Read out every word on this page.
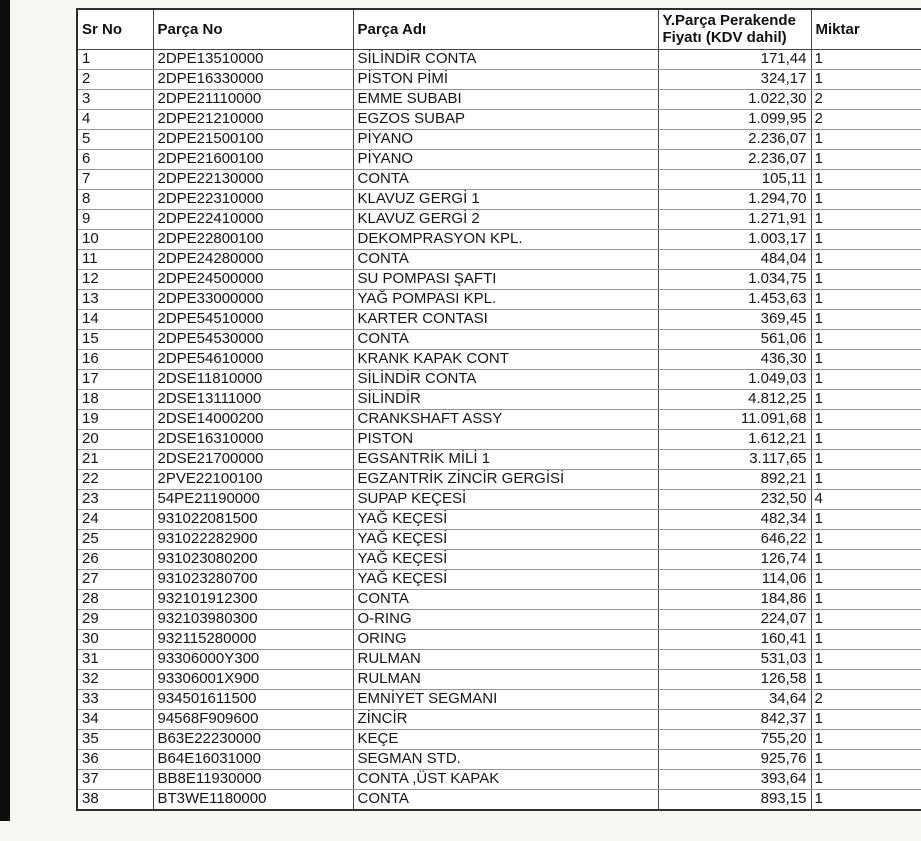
Sr No	Parça No	Parça Adı	Y.Parça Perakende Fiyatı (KDV dahil)	Miktar
1	2DPE13510000	SİLİNDİR CONTA	171,44	1
2	2DPE16330000	PİSTON PİMİ	324,17	1
3	2DPE21110000	EMME SUBABI	1.022,30	2
4	2DPE21210000	EGZOS SUBAP	1.099,95	2
5	2DPE21500100	PİYANO	2.236,07	1
6	2DPE21600100	PİYANO	2.236,07	1
7	2DPE22130000	CONTA	105,11	1
8	2DPE22310000	KLAVUZ GERGİ 1	1.294,70	1
9	2DPE22410000	KLAVUZ GERGİ 2	1.271,91	1
10	2DPE22800100	DEKOMPRASYON KPL.	1.003,17	1
11	2DPE24280000	CONTA	484,04	1
12	2DPE24500000	SU POMPASI ŞAFTI	1.034,75	1
13	2DPE33000000	YAĞ POMPASI KPL.	1.453,63	1
14	2DPE54510000	KARTER CONTASI	369,45	1
15	2DPE54530000	CONTA	561,06	1
16	2DPE54610000	KRANK KAPAK CONT	436,30	1
17	2DSE11810000	SİLİNDİR CONTA	1.049,03	1
18	2DSE13111000	SİLİNDİR	4.812,25	1
19	2DSE14000200	CRANKSHAFT ASSY	11.091,68	1
20	2DSE16310000	PISTON	1.612,21	1
21	2DSE21700000	EGSANTRİK MİLİ 1	3.117,65	1
22	2PVE22100100	EGZANTRİK ZİNCİR GERGİSİ	892,21	1
23	54PE21190000	SUPAP KEÇESİ	232,50	4
24	931022081500	YAĞ KEÇESİ	482,34	1
25	931022282900	YAĞ KEÇESİ	646,22	1
26	931023080200	YAĞ KEÇESİ	126,74	1
27	931023280700	YAĞ KEÇESİ	114,06	1
28	932101912300	CONTA	184,86	1
29	932103980300	O-RING	224,07	1
30	932115280000	ORING	160,41	1
31	93306000Y300	RULMAN	531,03	1
32	93306001X900	RULMAN	126,58	1
33	934501611500	EMNİYET SEGMANI	34,64	2
34	94568F909600	ZİNCİR	842,37	1
35	B63E22230000	KEÇE	755,20	1
36	B64E16031000	SEGMAN STD.	925,76	1
37	BB8E11930000	CONTA ,ÜST KAPAK	393,64	1
38	BT3WE1180000	CONTA	893,15	1
